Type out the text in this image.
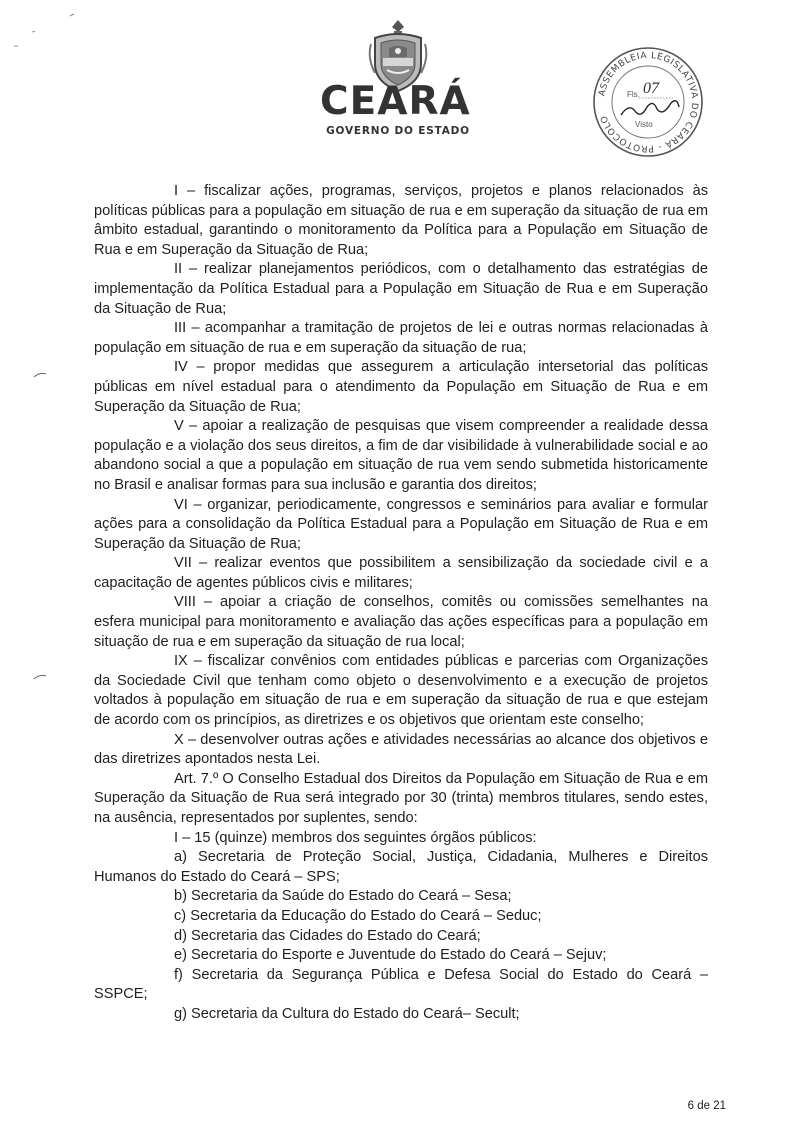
CEARÁ
GOVERNO DO ESTADO
ASSEMBLEIA LEGISLATIVA DO CEARÁ - PROTOCOLO
Fls. 07
Visto

I – fiscalizar ações, programas, serviços, projetos e planos relacionados às políticas públicas para a população em situação de rua e em superação da situação de rua em âmbito estadual, garantindo o monitoramento da Política para a População em Situação de Rua e em Superação da Situação de Rua;

II – realizar planejamentos periódicos, com o detalhamento das estratégias de implementação da Política Estadual para a População em Situação de Rua e em Superação da Situação de Rua;

III – acompanhar a tramitação de projetos de lei e outras normas relacionadas à população em situação de rua e em superação da situação de rua;

IV – propor medidas que assegurem a articulação intersetorial das políticas públicas em nível estadual para o atendimento da População em Situação de Rua e em Superação da Situação de Rua;

V – apoiar a realização de pesquisas que visem compreender a realidade dessa população e a violação dos seus direitos, a fim de dar visibilidade à vulnerabilidade social e ao abandono social a que a população em situação de rua vem sendo submetida historicamente no Brasil e analisar formas para sua inclusão e garantia dos direitos;

VI – organizar, periodicamente, congressos e seminários para avaliar e formular ações para a consolidação da Política Estadual para a População em Situação de Rua e em Superação da Situação de Rua;

VII – realizar eventos que possibilitem a sensibilização da sociedade civil e a capacitação de agentes públicos civis e militares;

VIII – apoiar a criação de conselhos, comitês ou comissões semelhantes na esfera municipal para monitoramento e avaliação das ações específicas para a população em situação de rua e em superação da situação de rua local;

IX – fiscalizar convênios com entidades públicas e parcerias com Organizações da Sociedade Civil que tenham como objeto o desenvolvimento e a execução de projetos voltados à população em situação de rua e em superação da situação de rua e que estejam de acordo com os princípios, as diretrizes e os objetivos que orientam este conselho;

X – desenvolver outras ações e atividades necessárias ao alcance dos objetivos e das diretrizes apontados nesta Lei.

Art. 7.º O Conselho Estadual dos Direitos da População em Situação de Rua e em Superação da Situação de Rua será integrado por 30 (trinta) membros titulares, sendo estes, na ausência, representados por suplentes, sendo:

I – 15 (quinze) membros dos seguintes órgãos públicos:

a) Secretaria de Proteção Social, Justiça, Cidadania, Mulheres e Direitos Humanos do Estado do Ceará – SPS;

b) Secretaria da Saúde do Estado do Ceará – Sesa;

c) Secretaria da Educação do Estado do Ceará – Seduc;

d) Secretaria das Cidades do Estado do Ceará;

e) Secretaria do Esporte e Juventude do Estado do Ceará – Sejuv;

f) Secretaria da Segurança Pública e Defesa Social do Estado do Ceará – SSPCE;

g) Secretaria da Cultura do Estado do Ceará– Secult;

6 de 21
